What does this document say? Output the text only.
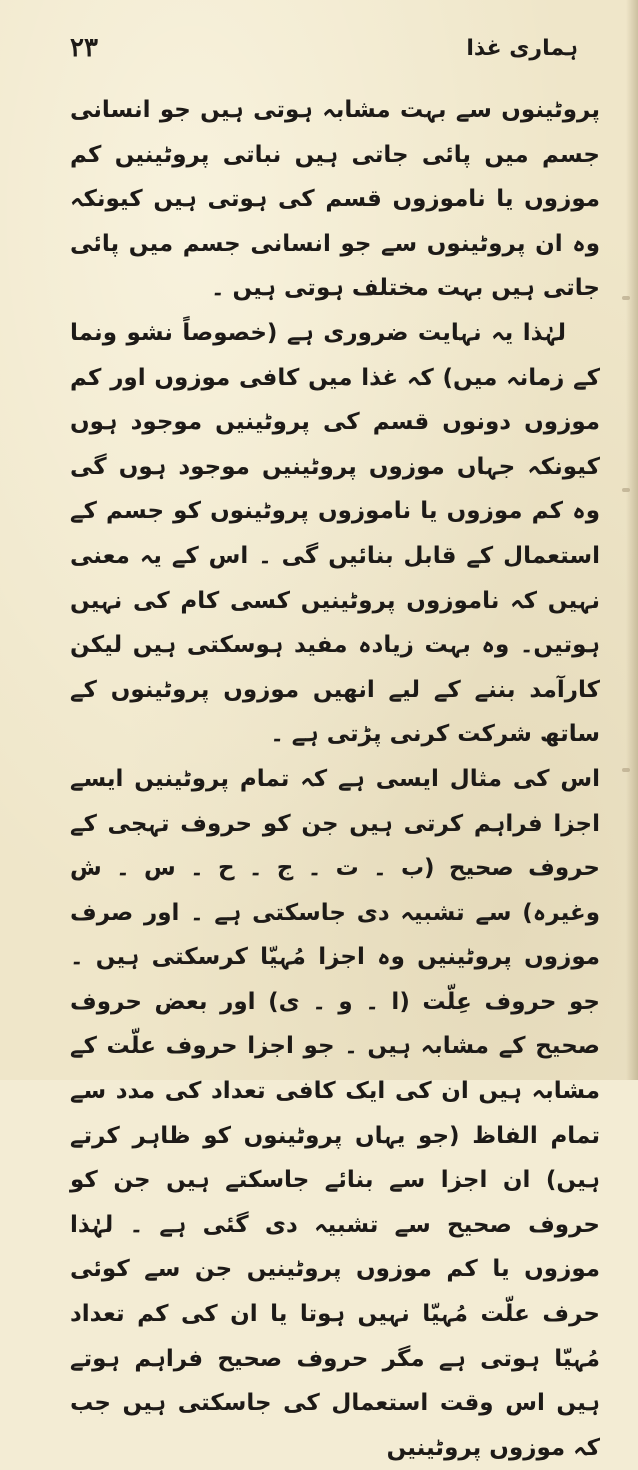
۲۳	ہماری غذا

پروٹینوں سے بہت مشابہ ہوتی ہیں جو انسانی جسم میں پائی جاتی ہیں نباتی پروٹینیں کم موزوں یا ناموزوں قسم کی ہوتی ہیں کیونکہ وہ ان پروٹینوں سے جو انسانی جسم میں پائی جاتی ہیں بہت مختلف ہوتی ہیں ۔

لہٰذا یہ نہایت ضروری ہے (خصوصاً نشو ونما کے زمانہ میں) کہ غذا میں کافی موزوں اور کم موزوں دونوں قسم کی پروٹینیں موجود ہوں کیونکہ جہاں موزوں پروٹینیں موجود ہوں گی وہ کم موزوں یا ناموزوں پروٹینوں کو جسم کے استعمال کے قابل بنائیں گی ۔ اس کے یہ معنی نہیں کہ ناموزوں پروٹینیں کسی کام کی نہیں ہوتیں۔ وہ بہت زیادہ مفید ہوسکتی ہیں لیکن کارآمد بننے کے لیے انھیں موزوں پروٹینوں کے ساتھ شرکت کرنی پڑتی ہے ۔

اس کی مثال ایسی ہے کہ تمام پروٹینیں ایسے اجزا فراہم کرتی ہیں جن کو حروف تہجی کے حروف صحیح (ب ۔ ت ۔ ج ۔ ح ۔ س ۔ ش وغیرہ) سے تشبیہ دی جاسکتی ہے ۔ اور صرف موزوں پروٹینیں وہ اجزا مُہیّا کرسکتی ہیں ۔ جو حروف عِلّت (ا ۔ و ۔ ی) اور بعض حروف صحیح کے مشابہ ہیں ۔ جو اجزا حروف علّت کے مشابہ ہیں ان کی ایک کافی تعداد کی مدد سے تمام الفاظ (جو یہاں پروٹینوں کو ظاہر کرتے ہیں) ان اجزا سے بنائے جاسکتے ہیں جن کو حروف صحیح سے تشبیہ دی گئی ہے ۔ لہٰذا موزوں یا کم موزوں پروٹینیں جن سے کوئی حرف علّت مُہیّا نہیں ہوتا یا ان کی کم تعداد مُہیّا ہوتی ہے مگر حروف صحیح فراہم ہوتے ہیں اس وقت استعمال کی جاسکتی ہیں جب کہ موزوں پروٹینیں
